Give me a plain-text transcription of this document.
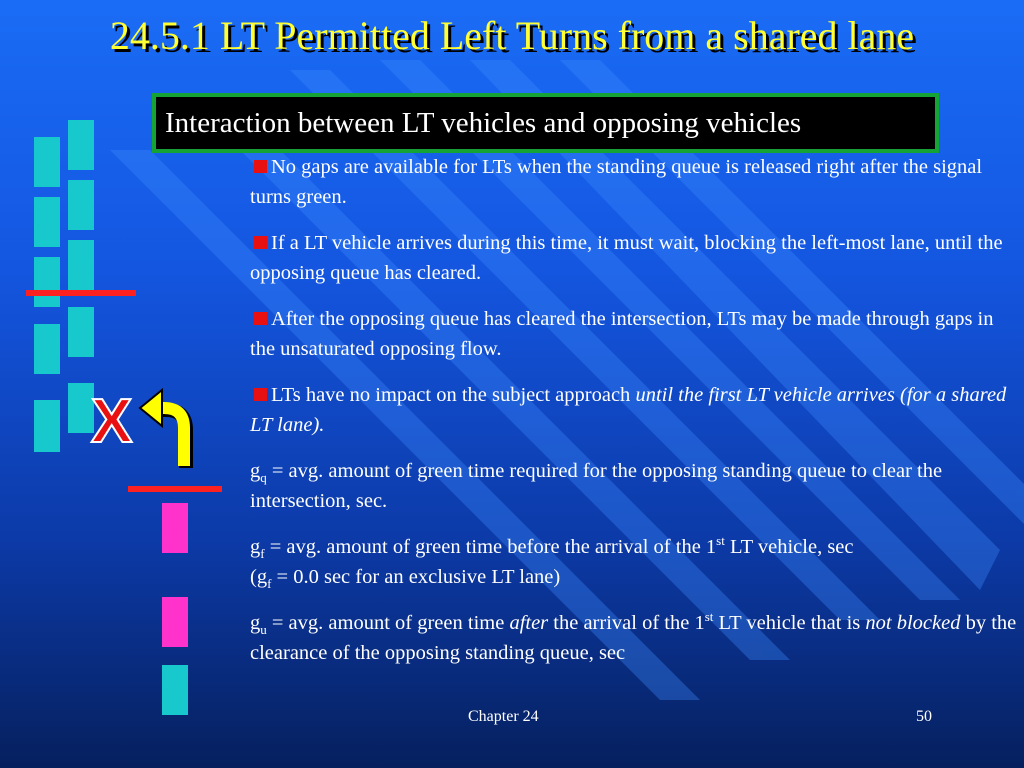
24.5.1 LT Permitted Left Turns from a shared lane
Interaction between LT vehicles and opposing vehicles
X

No gaps are available for LTs when the standing queue is released right after the signal turns green.

If a LT vehicle arrives during this time, it must wait, blocking the left-most lane, until the opposing queue has cleared.

After the opposing queue has cleared the intersection, LTs may be made through gaps in the unsaturated opposing flow.

LTs have no impact on the subject approach until the first LT vehicle arrives (for a shared LT lane).

$g_q$ = avg. amount of green time required for the opposing standing queue to clear the intersection, sec.

$g_f$ = avg. amount of green time before the arrival of the 1st LT vehicle, sec
($g_f = 0.0$ sec for an exclusive LT lane)

$g_u$ = avg. amount of green time after the arrival of the 1st LT vehicle that is not blocked by the clearance of the opposing standing queue, sec

Chapter 24	50
